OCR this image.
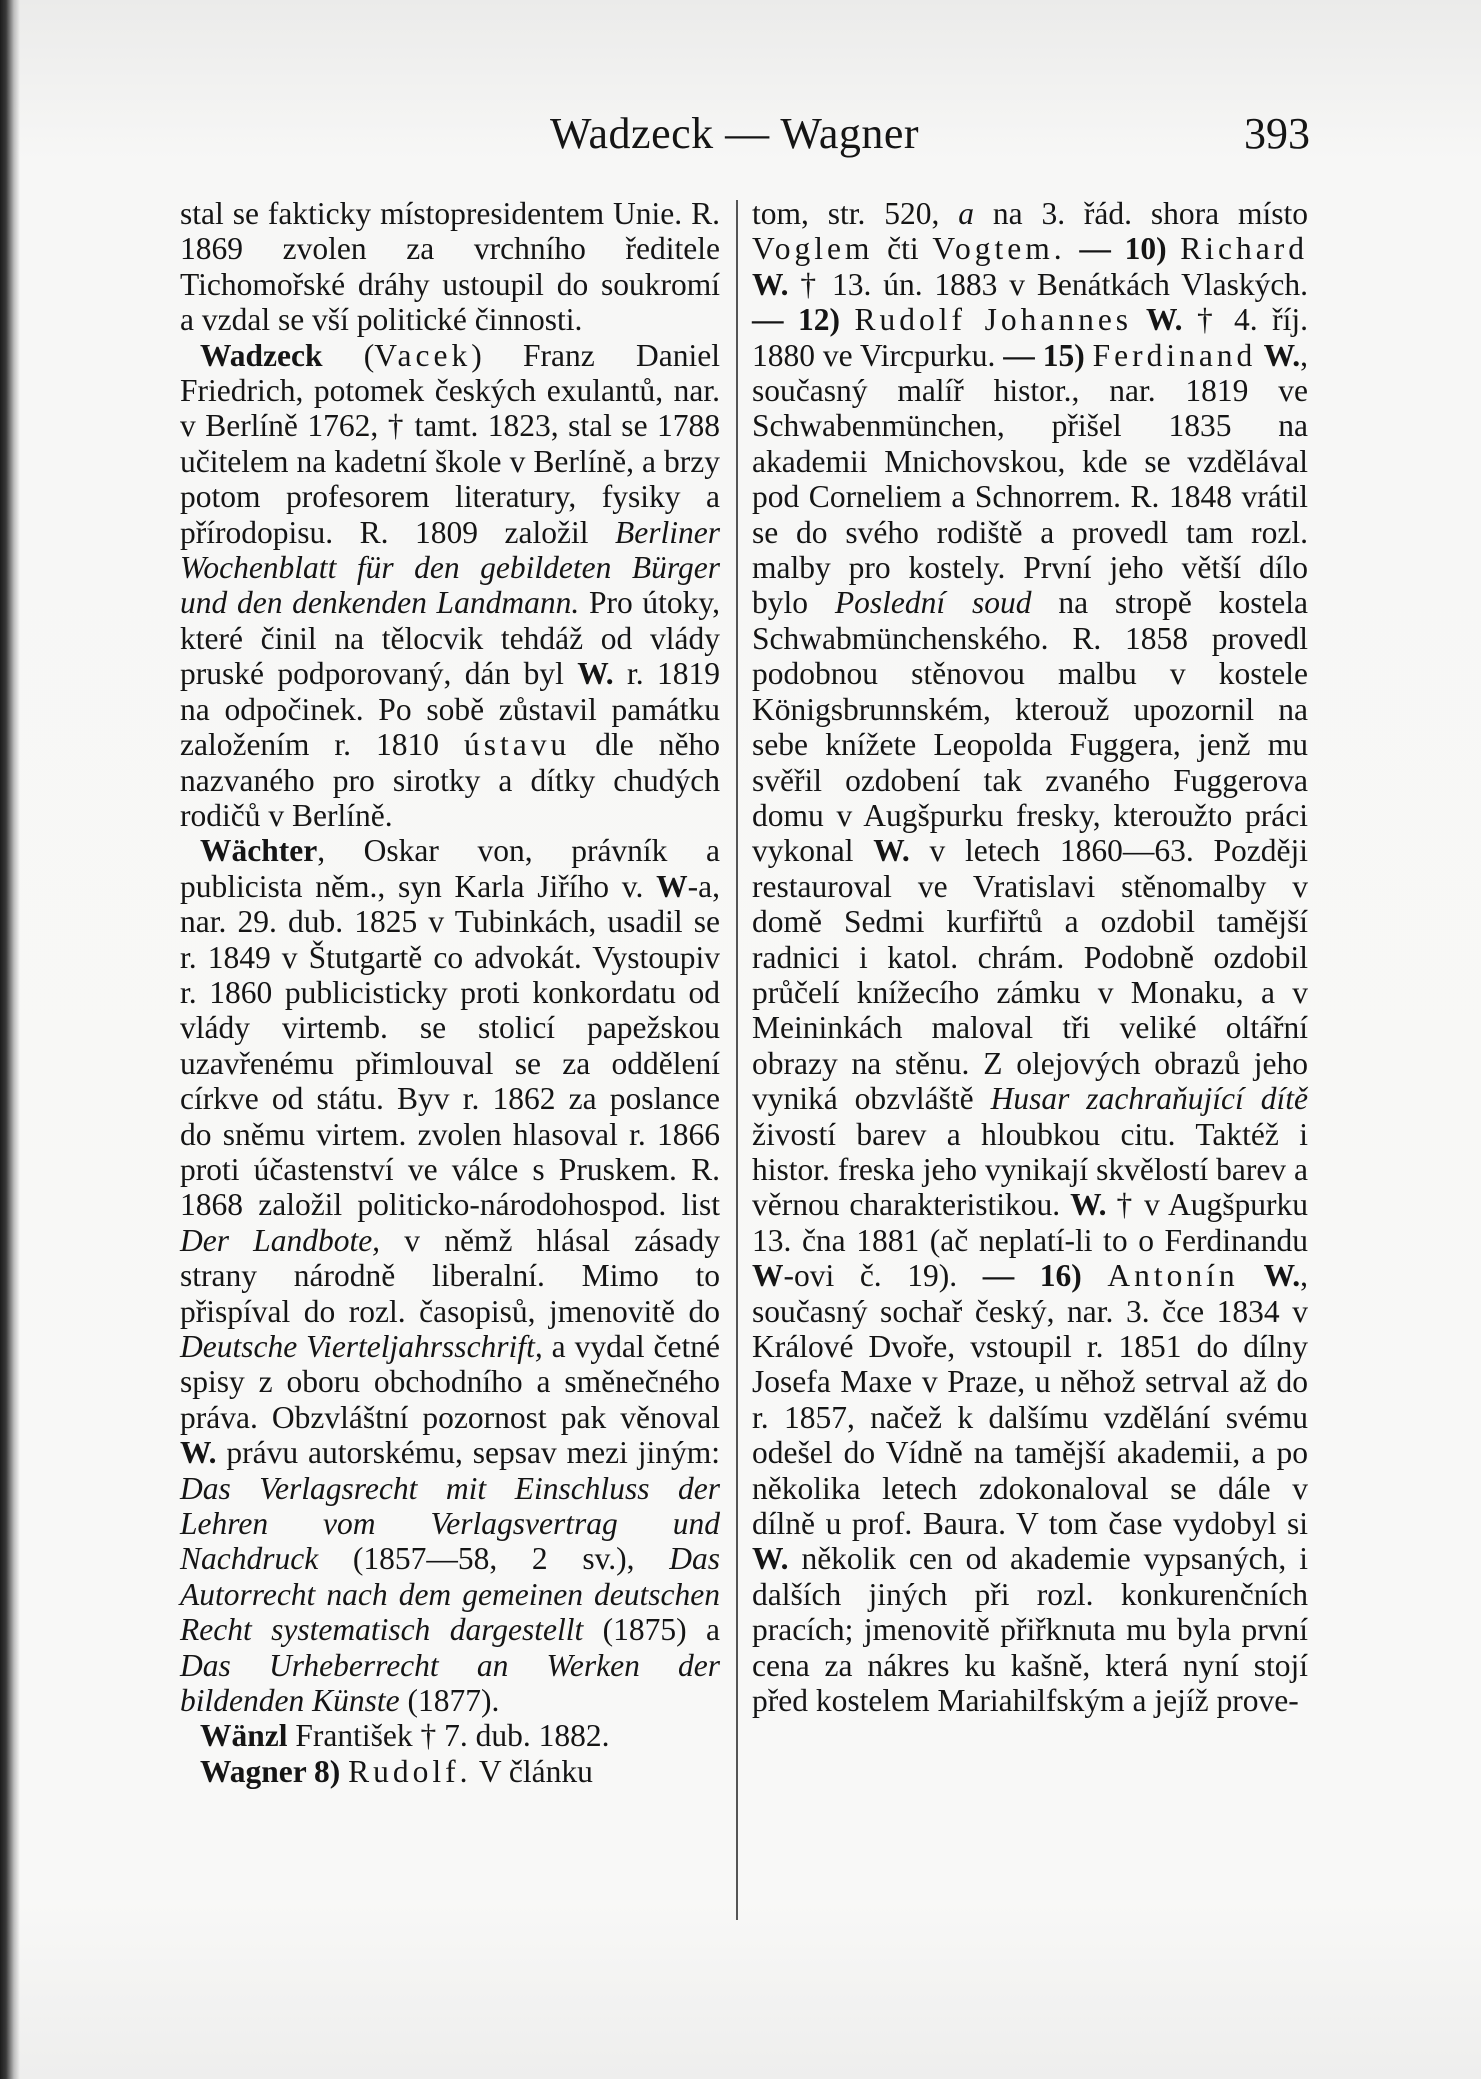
Wadzeck — Wagner	393

stal se fakticky místopresidentem Unie. R. 1869 zvolen za vrchního ředitele Tichomořské dráhy ustoupil do soukromí a vzdal se vší politické činnosti.

Wadzeck (Vacek) Franz Daniel Friedrich, potomek českých exulantů, nar. v Berlíně 1762, † tamt. 1823, stal se 1788 učitelem na kadetní škole v Berlíně, a brzy potom profesorem literatury, fysiky a přírodopisu. R. 1809 založil Berliner Wochenblatt für den gebildeten Bürger und den denkenden Landmann. Pro útoky, které činil na tělocvik tehdáž od vlády pruské podporovaný, dán byl W. r. 1819 na odpočinek. Po sobě zůstavil památku založením r. 1810 ústavu dle něho nazvaného pro sirotky a dítky chudých rodičů v Berlíně.

Wächter, Oskar von, právník a publicista něm., syn Karla Jiřího v. W-a, nar. 29. dub. 1825 v Tubinkách, usadil se r. 1849 v Štutgartě co advokát. Vystoupiv r. 1860 publicisticky proti konkordatu od vlády virtemb. se stolicí papežskou uzavřenému přimlouval se za oddělení církve od státu. Byv r. 1862 za poslance do sněmu virtem. zvolen hlasoval r. 1866 proti účastenství ve válce s Pruskem. R. 1868 založil politicko-národohospod. list Der Landbote, v němž hlásal zásady strany národně liberalní. Mimo to přispíval do rozl. časopisů, jmenovitě do Deutsche Vierteljahrsschrift, a vydal četné spisy z oboru obchodního a směnečného práva. Obzvláštní pozornost pak věnoval W. právu autorskému, sepsav mezi jiným: Das Verlagsrecht mit Einschluss der Lehren vom Verlagsvertrag und Nachdruck (1857—58, 2 sv.), Das Autorrecht nach dem gemeinen deutschen Recht systematisch dargestellt (1875) a Das Urheberrecht an Werken der bildenden Künste (1877).

Wänzl František † 7. dub. 1882.

Wagner 8) Rudolf. V článku

tom, str. 520, a na 3. řád. shora místo Voglem čti Vogtem. — 10) Richard W. † 13. ún. 1883 v Benátkách Vlaských. — 12) Rudolf Johannes W. † 4. říj. 1880 ve Vircpurku. — 15) Ferdinand W., současný malíř histor., nar. 1819 ve Schwabenmünchen, přišel 1835 na akademii Mnichovskou, kde se vzdělával pod Corneliem a Schnorrem. R. 1848 vrátil se do svého rodiště a provedl tam rozl. malby pro kostely. První jeho větší dílo bylo Poslední soud na stropě kostela Schwabmünchenského. R. 1858 provedl podobnou stěnovou malbu v kostele Königsbrunnském, kterouž upozornil na sebe knížete Leopolda Fuggera, jenž mu svěřil ozdobení tak zvaného Fuggerova domu v Augšpurku fresky, kteroužto práci vykonal W. v letech 1860—63. Později restauroval ve Vratislavi stěnomalby v domě Sedmi kurfiřtů a ozdobil tamější radnici i katol. chrám. Podobně ozdobil průčelí knížecího zámku v Monaku, a v Meininkách maloval tři veliké oltářní obrazy na stěnu. Z olejových obrazů jeho vyniká obzvláště Husar zachraňující dítě živostí barev a hloubkou citu. Taktéž i histor. freska jeho vynikají skvělostí barev a věrnou charakteristikou. W. † v Augšpurku 13. čna 1881 (ač neplatí-li to o Ferdinandu W-ovi č. 19). — 16) Antonín W., současný sochař český, nar. 3. čce 1834 v Králové Dvoře, vstoupil r. 1851 do dílny Josefa Maxe v Praze, u něhož setrval až do r. 1857, načež k dalšímu vzdělání svému odešel do Vídně na tamější akademii, a po několika letech zdokonaloval se dále v dílně u prof. Baura. V tom čase vydobyl si W. několik cen od akademie vypsaných, i dalších jiných při rozl. konkurenčních pracích; jmenovitě přiřknuta mu byla první cena za nákres ku kašně, která nyní stojí před kostelem Mariahilfským a jejíž prove-
